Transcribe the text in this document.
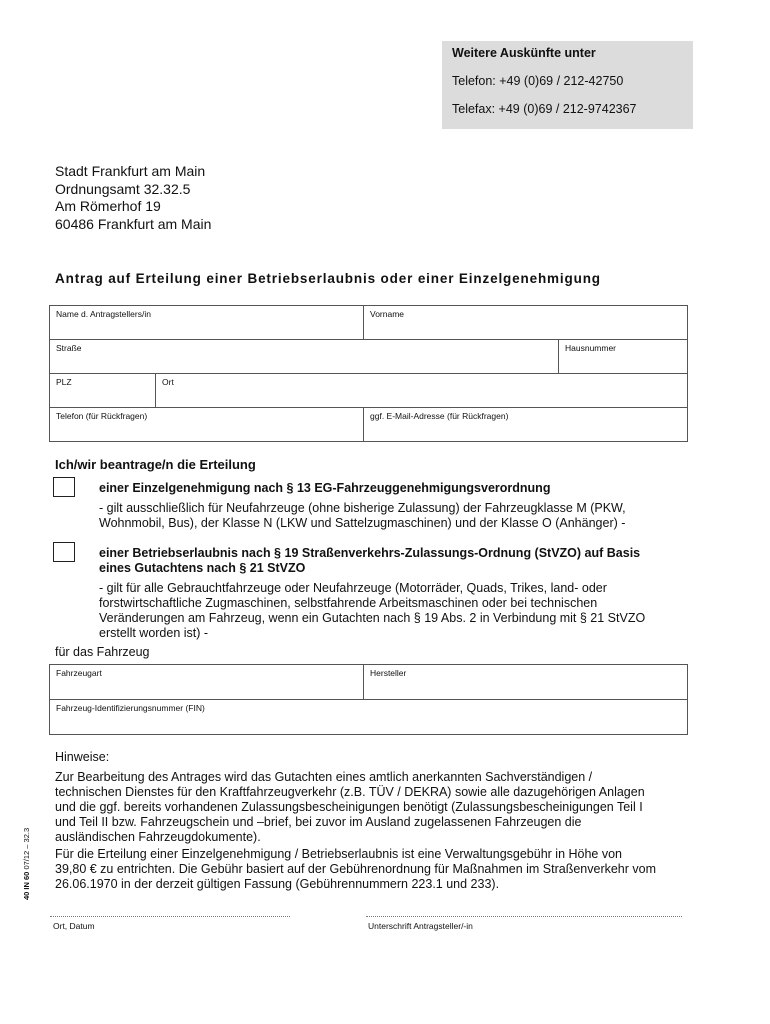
Weitere Auskünfte unter
Telefon: +49 (0)69 / 212-42750
Telefax: +49 (0)69 / 212-9742367
Stadt Frankfurt am Main
Ordnungsamt 32.32.5
Am Römerhof 19
60486 Frankfurt am Main
Antrag auf Erteilung einer Betriebserlaubnis oder einer Einzelgenehmigung
Name d. Antragstellers/in	Vorname
Straße	Hausnummer
PLZ	Ort
Telefon (für Rückfragen)	ggf. E-Mail-Adresse (für Rückfragen)
Ich/wir beantrage/n die Erteilung
einer Einzelgenehmigung nach § 13 EG-Fahrzeuggenehmigungsverordnung
- gilt ausschließlich für Neufahrzeuge (ohne bisherige Zulassung) der Fahrzeugklasse M (PKW,
Wohnmobil, Bus), der Klasse N (LKW und Sattelzugmaschinen) und der Klasse O (Anhänger) -
einer Betriebserlaubnis nach § 19 Straßenverkehrs-Zulassungs-Ordnung (StVZO) auf Basis
eines Gutachtens nach § 21 StVZO
- gilt für alle Gebrauchtfahrzeuge oder Neufahrzeuge (Motorräder, Quads, Trikes, land- oder
forstwirtschaftliche Zugmaschinen, selbstfahrende Arbeitsmaschinen oder bei technischen
Veränderungen am Fahrzeug, wenn ein Gutachten nach § 19 Abs. 2 in Verbindung mit § 21 StVZO
erstellt worden ist) -
für das Fahrzeug
Fahrzeugart	Hersteller
Fahrzeug-Identifizierungsnummer (FIN)
Hinweise:
Zur Bearbeitung des Antrages wird das Gutachten eines amtlich anerkannten Sachverständigen /
technischen Dienstes für den Kraftfahrzeugverkehr (z.B. TÜV / DEKRA) sowie alle dazugehörigen Anlagen
und die ggf. bereits vorhandenen Zulassungsbescheinigungen benötigt (Zulassungsbescheinigungen Teil I
und Teil II bzw. Fahrzeugschein und –brief, bei zuvor im Ausland zugelassenen Fahrzeugen die
ausländischen Fahrzeugdokumente).
Für die Erteilung einer Einzelgenehmigung / Betriebserlaubnis ist eine Verwaltungsgebühr in Höhe von
39,80 € zu entrichten. Die Gebühr basiert auf der Gebührenordnung für Maßnahmen im Straßenverkehr vom
26.06.1970 in der derzeit gültigen Fassung (Gebührennummern 223.1 und 233).
Ort, Datum	Unterschrift Antragsteller/-in
40 IN 60 07/12 – 32.3
